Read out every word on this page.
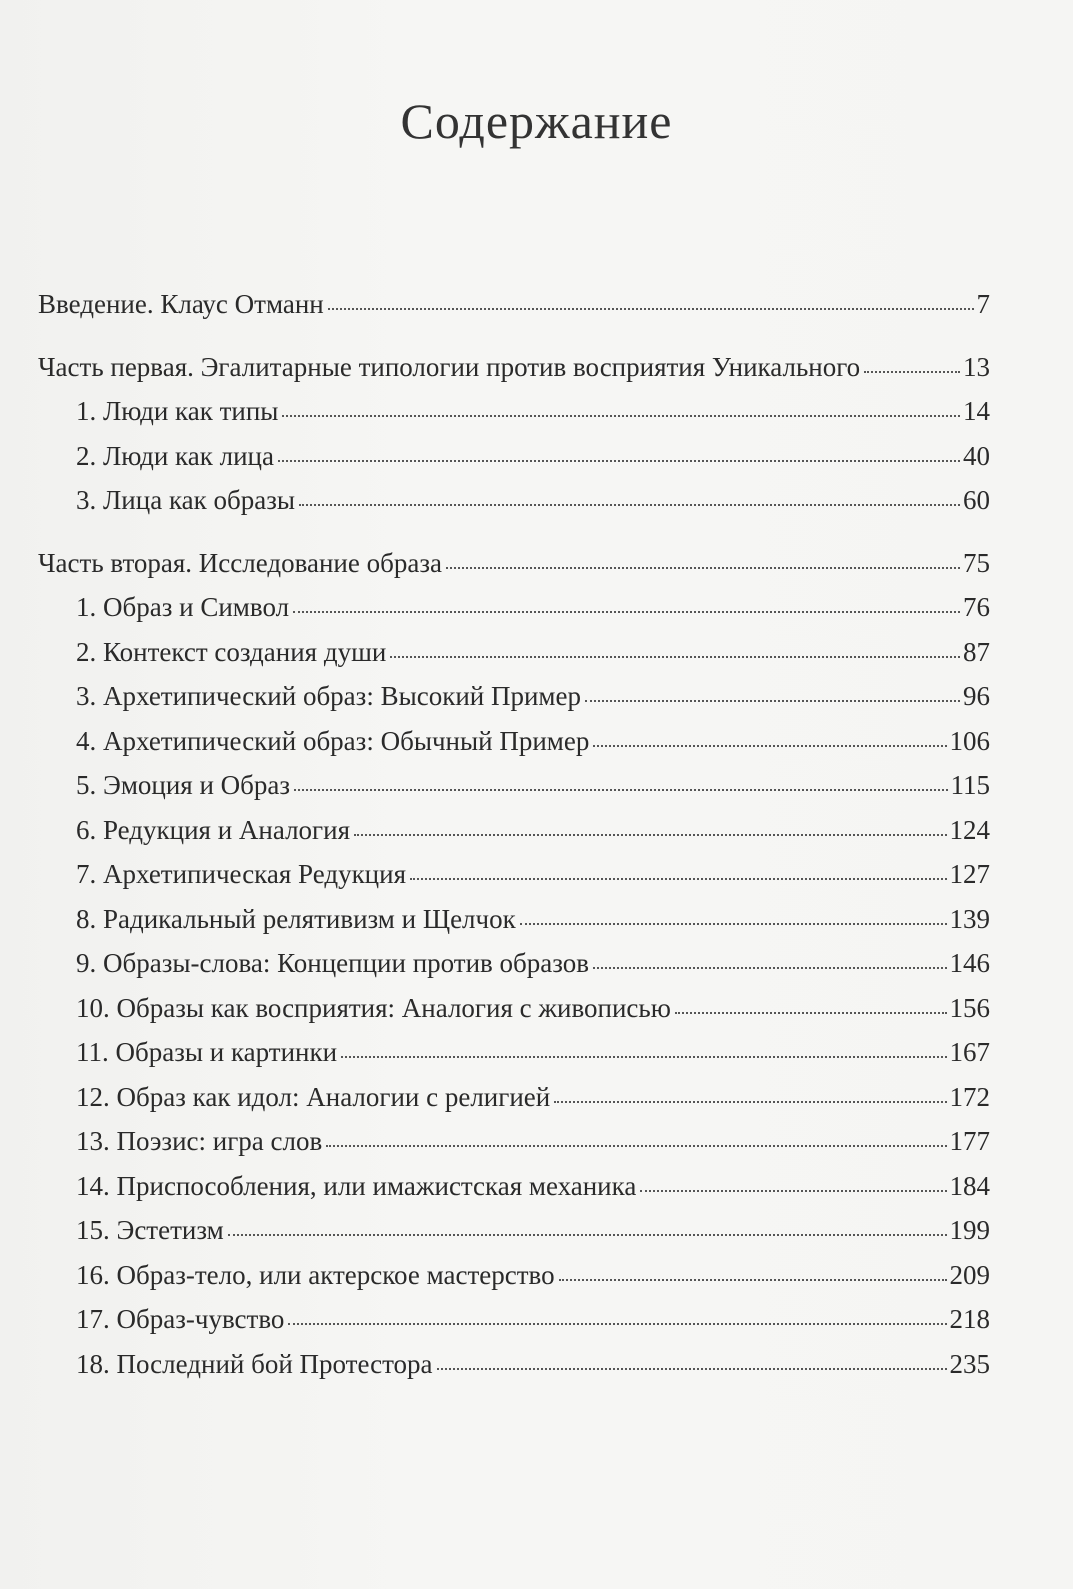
Содержание
Введение. Клаус Отманн	7
Часть первая. Эгалитарные типологии против восприятия Уникального	13
1. Люди как типы	14
2. Люди как лица	40
3. Лица как образы	60
Часть вторая. Исследование образа	75
1. Образ и Символ	76
2. Контекст создания души	87
3. Архетипический образ: Высокий Пример	96
4. Архетипический образ: Обычный Пример	106
5. Эмоция и Образ	115
6. Редукция и Аналогия	124
7. Архетипическая Редукция	127
8. Радикальный релятивизм и Щелчок	139
9. Образы-слова: Концепции против образов	146
10. Образы как восприятия: Аналогия с живописью	156
11. Образы и картинки	167
12. Образ как идол: Аналогии с религией	172
13. Поэзис: игра слов	177
14. Приспособления, или имажистская механика	184
15. Эстетизм	199
16. Образ-тело, или актерское мастерство	209
17. Образ-чувство	218
18. Последний бой Протестора	235
